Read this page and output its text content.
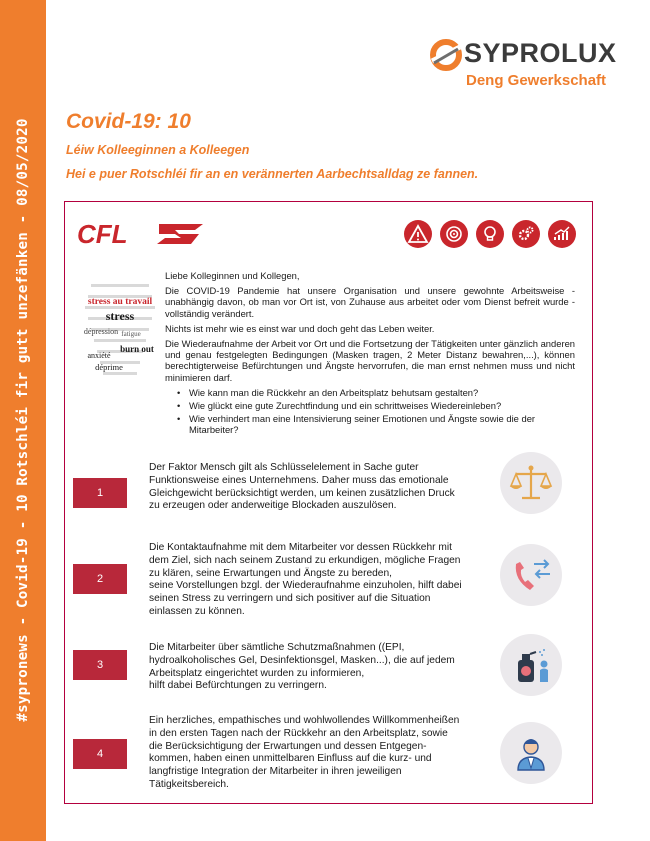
#sypronews - Covid-19 - 10 Rotschléi fir gutt unzefänken - 08/05/2020
SYPROLUX
Deng Gewerkschaft
Covid-19: 10
Léiw Kolleeginnen a Kolleegen
Hei e puer Rotschléi fir an en verännerten Aarbechtsalldag ze fannen.
CFL
stress au travail
stress
burn out
dépression
anxiété
fatigue
déprime

Liebe Kolleginnen und Kollegen,

Die COVID-19 Pandemie hat unsere Organisation und unsere gewohnte Arbeitsweise - unabhängig davon, ob man vor Ort ist, von Zuhause aus arbeitet oder vom Dienst befreit wurde - vollständig verändert.

Nichts ist mehr wie es einst war und doch geht das Leben weiter.

Die Wiederaufnahme der Arbeit vor Ort und die Fortsetzung der Tätigkeiten unter gänzlich anderen und genau festgelegten Bedingungen (Masken tragen, 2 Meter Distanz bewahren,...), können berechtigterweise Befürchtungen und Ängste hervorrufen, die man ernst nehmen muss und nicht minimieren darf.

• Wie kann man die Rückkehr an den Arbeitsplatz behutsam gestalten?
• Wie glückt eine gute Zurechtfindung und ein schrittweises Wiedereinleben?
• Wie verhindert man eine Intensivierung seiner Emotionen und Ängste sowie die der Mitarbeiter?
1
Der Faktor Mensch gilt als Schlüsselelement in Sache guter
Funktionsweise eines Unternehmens. Daher muss das emotionale
Gleichgewicht berücksichtigt werden, um keinen zusätzlichen Druck
zu erzeugen oder anderweitige Blockaden auszulösen.
2
Die Kontaktaufnahme mit dem Mitarbeiter vor dessen Rückkehr mit
dem Ziel, sich nach seinem Zustand zu erkundigen, mögliche Fragen
zu klären, seine Erwartungen und Ängste zu bereden,
seine Vorstellungen bzgl. der Wiederaufnahme einzuholen, hilft dabei
seinen Stress zu verringern und sich positiver auf die Situation
einlassen zu können.
3
Die Mitarbeiter über sämtliche Schutzmaßnahmen ((EPI,
hydroalkoholisches Gel, Desinfektionsgel, Masken...), die auf jedem
Arbeitsplatz eingerichtet wurden zu informieren,
hilft dabei Befürchtungen zu verringern.
4
Ein herzliches, empathisches und wohlwollendes Willkommenheißen
in den ersten Tagen nach der Rückkehr an den Arbeitsplatz, sowie
die Berücksichtigung der Erwartungen und dessen Entgegen-
kommen, haben einen unmittelbaren Einfluss auf die kurz- und
langfristige Integration der Mitarbeiter in ihren jeweiligen
Tätigkeitsbereich.
